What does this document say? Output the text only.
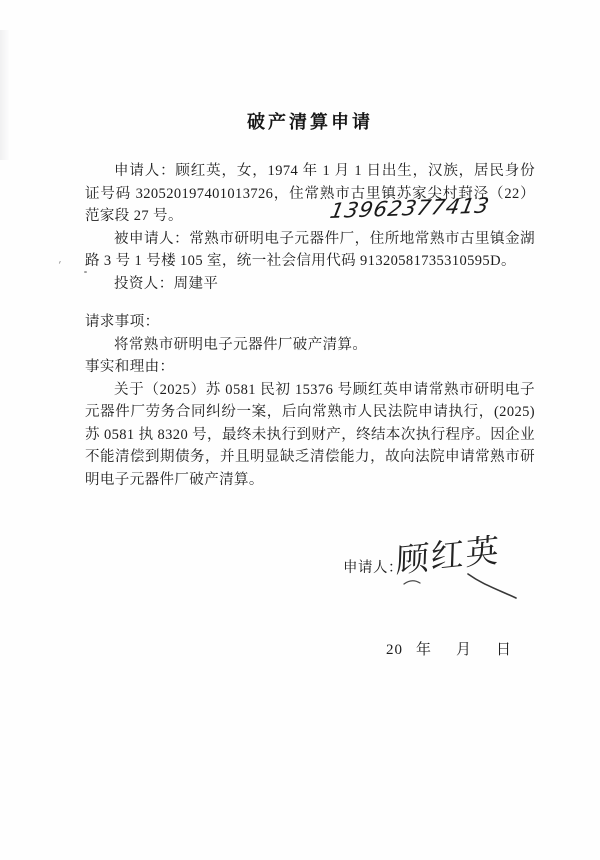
ʹ
破产清算申请

申请人：顾红英，女，1974 年 1 月 1 日出生，汉族，居民身份证号码 320520197401013726，住常熟市古里镇苏家尖村葑泾（22）范家段 27 号。

被申请人：常熟市研明电子元器件厂，住所地常熟市古里镇金湖路 3 号 1 号楼 105 室，统一社会信用代码 91320581735310595D。

投资人：周建平

请求事项：

将常熟市研明电子元器件厂破产清算。

事实和理由：

关于（2025）苏 0581 民初 15376 号顾红英申请常熟市研明电子元器件厂劳务合同纠纷一案，后向常熟市人民法院申请执行，(2025)苏 0581 执 8320 号，最终未执行到财产，终结本次执行程序。因企业不能清偿到期债务，并且明显缺乏清偿能力，故向法院申请常熟市研明电子元器件厂破产清算。

13962377413
申请人：
顾红英
20 年 月 日
